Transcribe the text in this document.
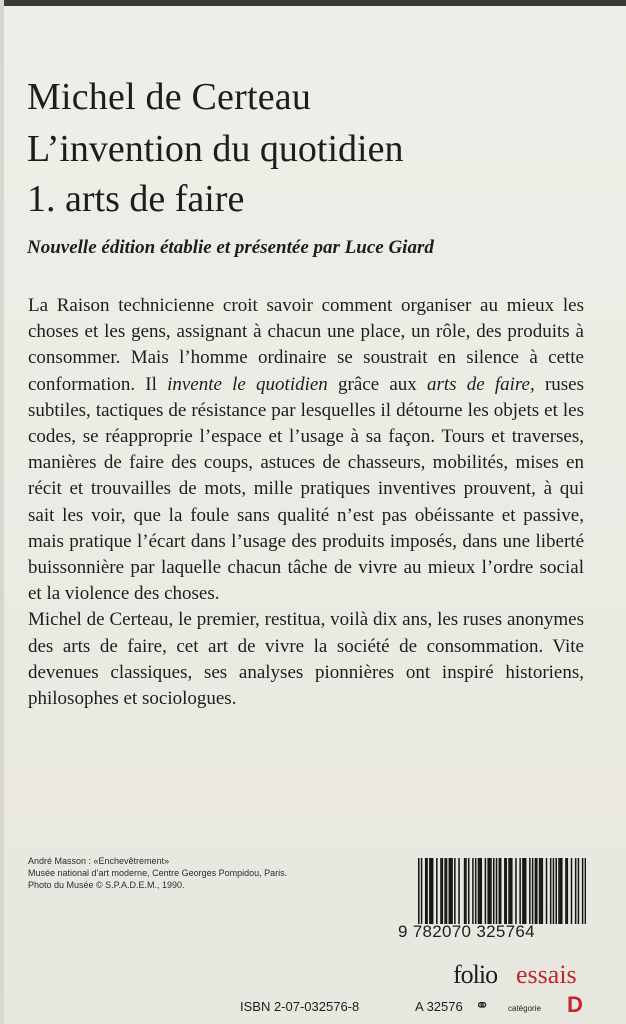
Michel de Certeau
L’invention du quotidien
1. arts de faire
Nouvelle édition établie et présentée par Luce Giard

La Raison technicienne croit savoir comment organiser au mieux les choses et les gens, assignant à chacun une place, un rôle, des produits à consommer. Mais l’homme ordinaire se soustrait en silence à cette conformation. Il invente le quotidien grâce aux arts de faire, ruses subtiles, tactiques de résistance par lesquelles il détourne les objets et les codes, se réapproprie l’espace et l’usage à sa façon. Tours et traverses, manières de faire des coups, astuces de chasseurs, mobilités, mises en récit et trouvailles de mots, mille pratiques inventives prouvent, à qui sait les voir, que la foule sans qualité n’est pas obéissante et passive, mais pratique l’écart dans l’usage des produits imposés, dans une liberté buissonnière par laquelle chacun tâche de vivre au mieux l’ordre social et la violence des choses.

Michel de Certeau, le premier, restitua, voilà dix ans, les ruses anonymes des arts de faire, cet art de vivre la société de consommation. Vite devenues classiques, ses analyses pionnières ont inspiré historiens, philosophes et sociologues.

André Masson : «Enchevêtrement»
Musée national d’art moderne, Centre Georges Pompidou, Paris.
Photo du Musée © S.P.A.D.E.M., 1990.
9 782070 325764
folio essais
ISBN 2-07-032576-8	A 32576 ⚭ catégorie D
